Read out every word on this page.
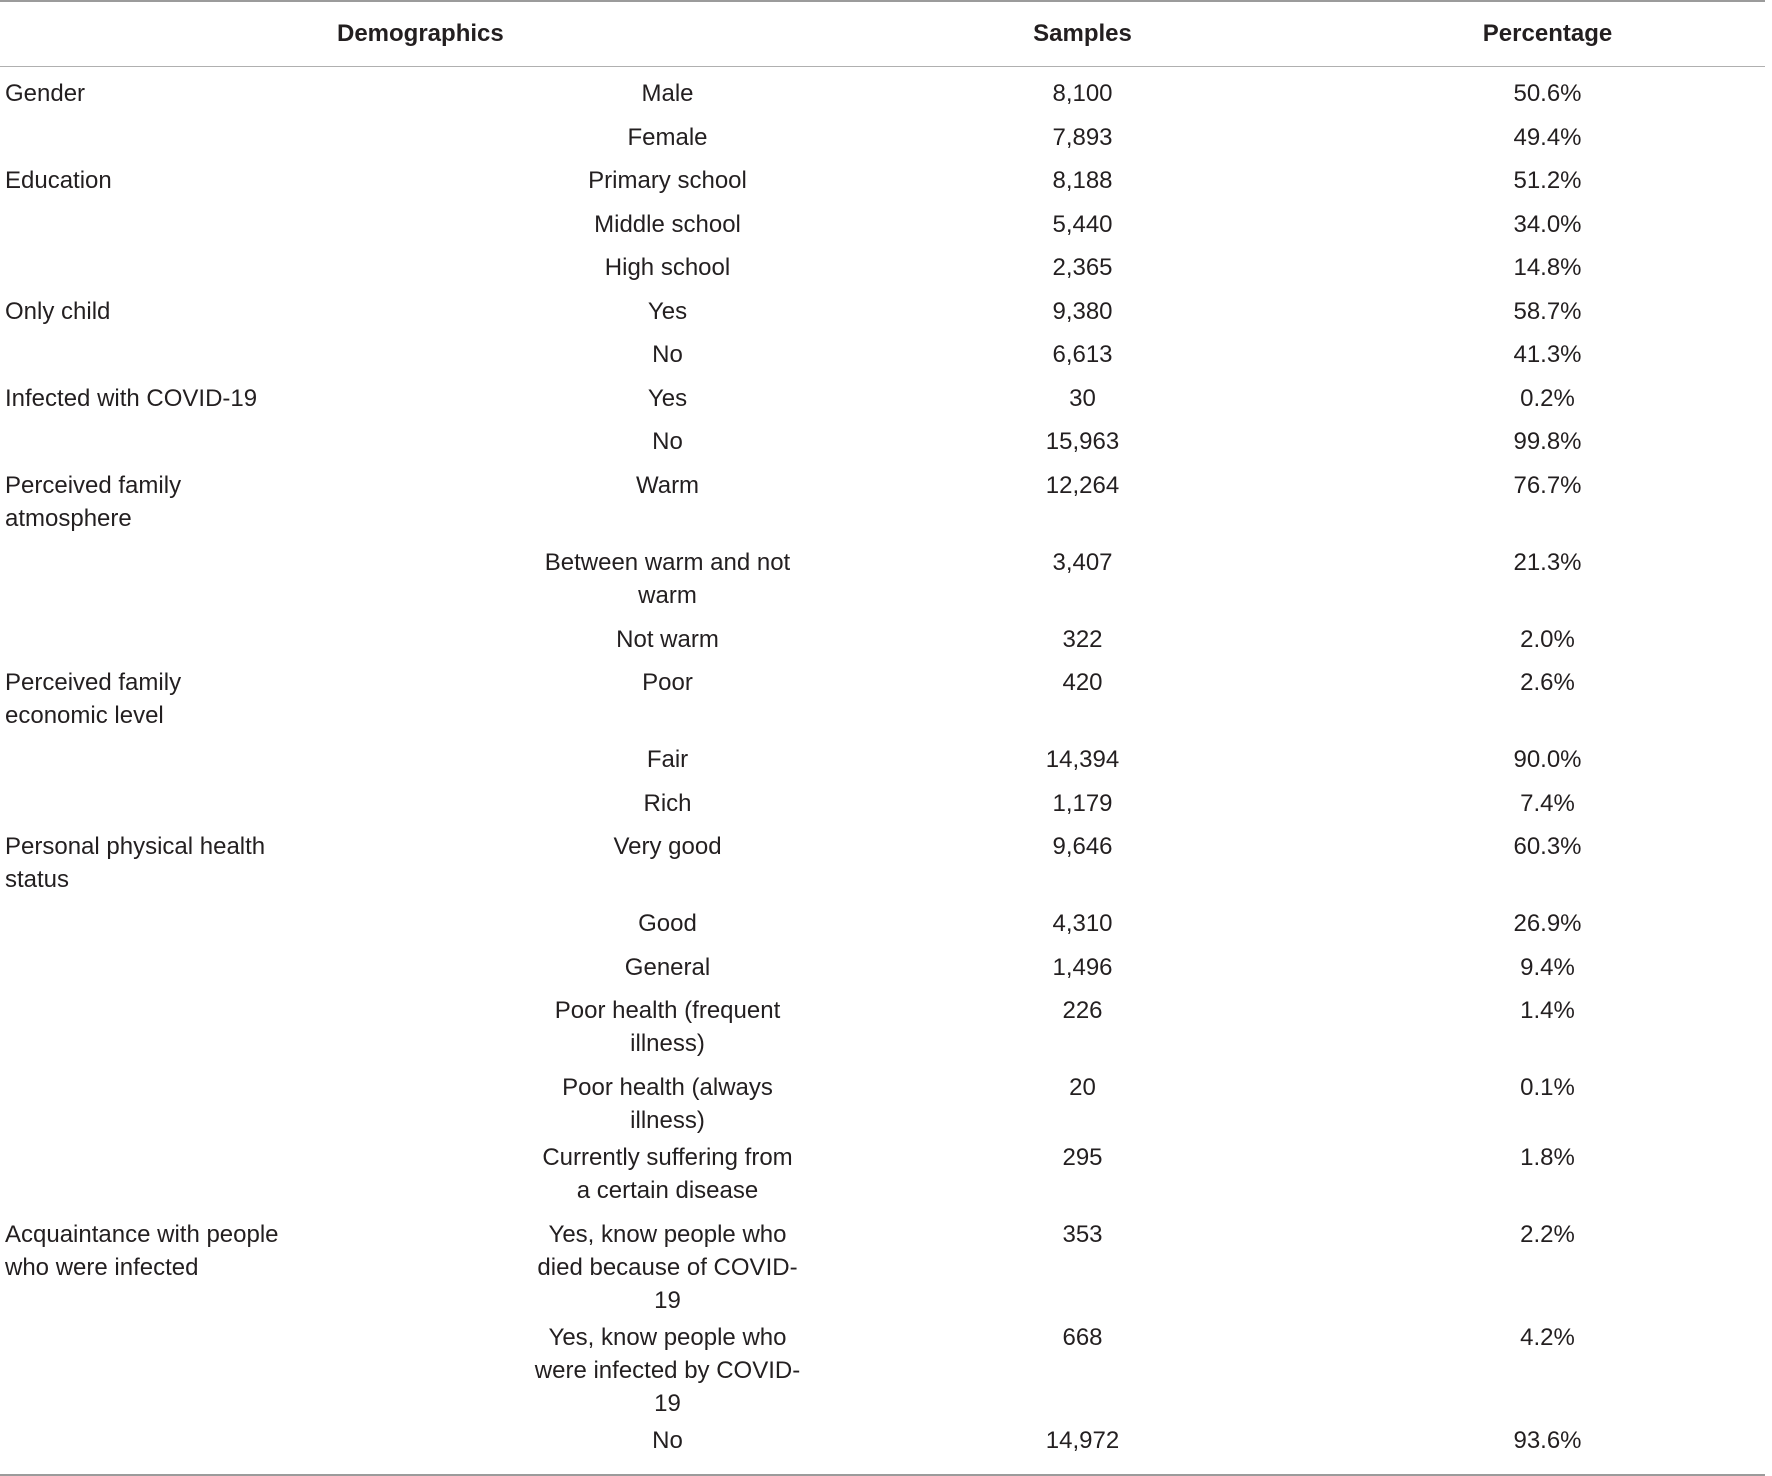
Demographics		Samples	Percentage
Gender	Male	8,100	50.6%
	Female	7,893	49.4%
Education	Primary school	8,188	51.2%
	Middle school	5,440	34.0%
	High school	2,365	14.8%
Only child	Yes	9,380	58.7%
	No	6,613	41.3%
Infected with COVID-19	Yes	30	0.2%
	No	15,963	99.8%
Perceived family atmosphere	Warm	12,264	76.7%
	Between warm and not warm	3,407	21.3%
	Not warm	322	2.0%
Perceived family economic level	Poor	420	2.6%
	Fair	14,394	90.0%
	Rich	1,179	7.4%
Personal physical health status	Very good	9,646	60.3%
	Good	4,310	26.9%
	General	1,496	9.4%
	Poor health (frequent illness)	226	1.4%
	Poor health (always illness)	20	0.1%
	Currently suffering from a certain disease	295	1.8%
Acquaintance with people who were infected	Yes, know people who died because of COVID-19	353	2.2%
	Yes, know people who were infected by COVID-19	668	4.2%
	No	14,972	93.6%
